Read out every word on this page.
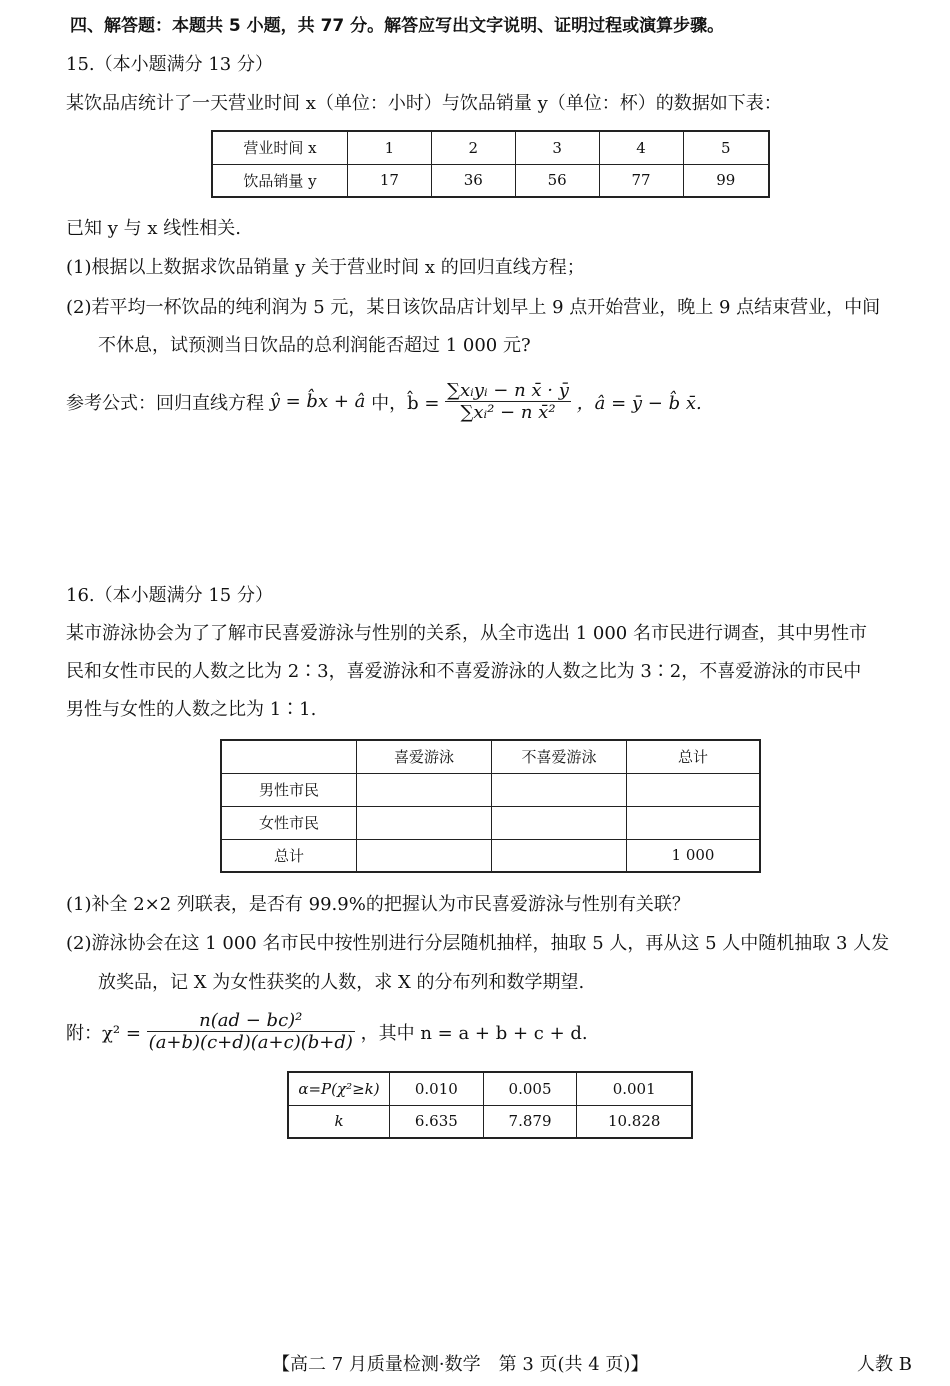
四、解答题：本题共 5 小题，共 77 分。解答应写出文字说明、证明过程或演算步骤。
15.（本小题满分 13 分）
某饮品店统计了一天营业时间 x（单位：小时）与饮品销量 y（单位：杯）的数据如下表：
营业时间 x	1	2	3	4	5
饮品销量 y	17	36	56	77	99
已知 y 与 x 线性相关.
(1)根据以上数据求饮品销量 y 关于营业时间 x 的回归直线方程；
(2)若平均一杯饮品的纯利润为 5 元，某日该饮品店计划早上 9 点开始营业，晚上 9 点结束营业，中间
不休息，试预测当日饮品的总利润能否超过 1 000 元?
参考公式：回归直线方程 ŷ = b̂x + â 中，b̂ = $\frac{\text{∑xᵢyᵢ − n x̄ · ȳ}}{\text{∑xᵢ² − n x̄²}}$ ，â = ȳ − b̂ x̄.
16.（本小题满分 15 分）
某市游泳协会为了了解市民喜爱游泳与性别的关系，从全市选出 1 000 名市民进行调查，其中男性市
民和女性市民的人数之比为 2∶3，喜爱游泳和不喜爱游泳的人数之比为 3∶2，不喜爱游泳的市民中
男性与女性的人数之比为 1∶1.
	喜爱游泳	不喜爱游泳	总计
男性市民			
女性市民			
总计			1 000
(1)补全 2×2 列联表，是否有 99.9%的把握认为市民喜爱游泳与性别有关联？
(2)游泳协会在这 1 000 名市民中按性别进行分层随机抽样，抽取 5 人，再从这 5 人中随机抽取 3 人发
放奖品，记 X 为女性获奖的人数，求 X 的分布列和数学期望.
附：$\chi^2 = \frac{\text{n(ad − bc)²}}{(a+b)(c+d)(a+c)(b+d)}$ ，其中 n = a + b + c + d.
α=P(χ²≥k)	0.010	0.005	0.001
k	6.635	7.879	10.828
【高二 7 月质量检测·数学　第 3 页(共 4 页)】	人教 B
